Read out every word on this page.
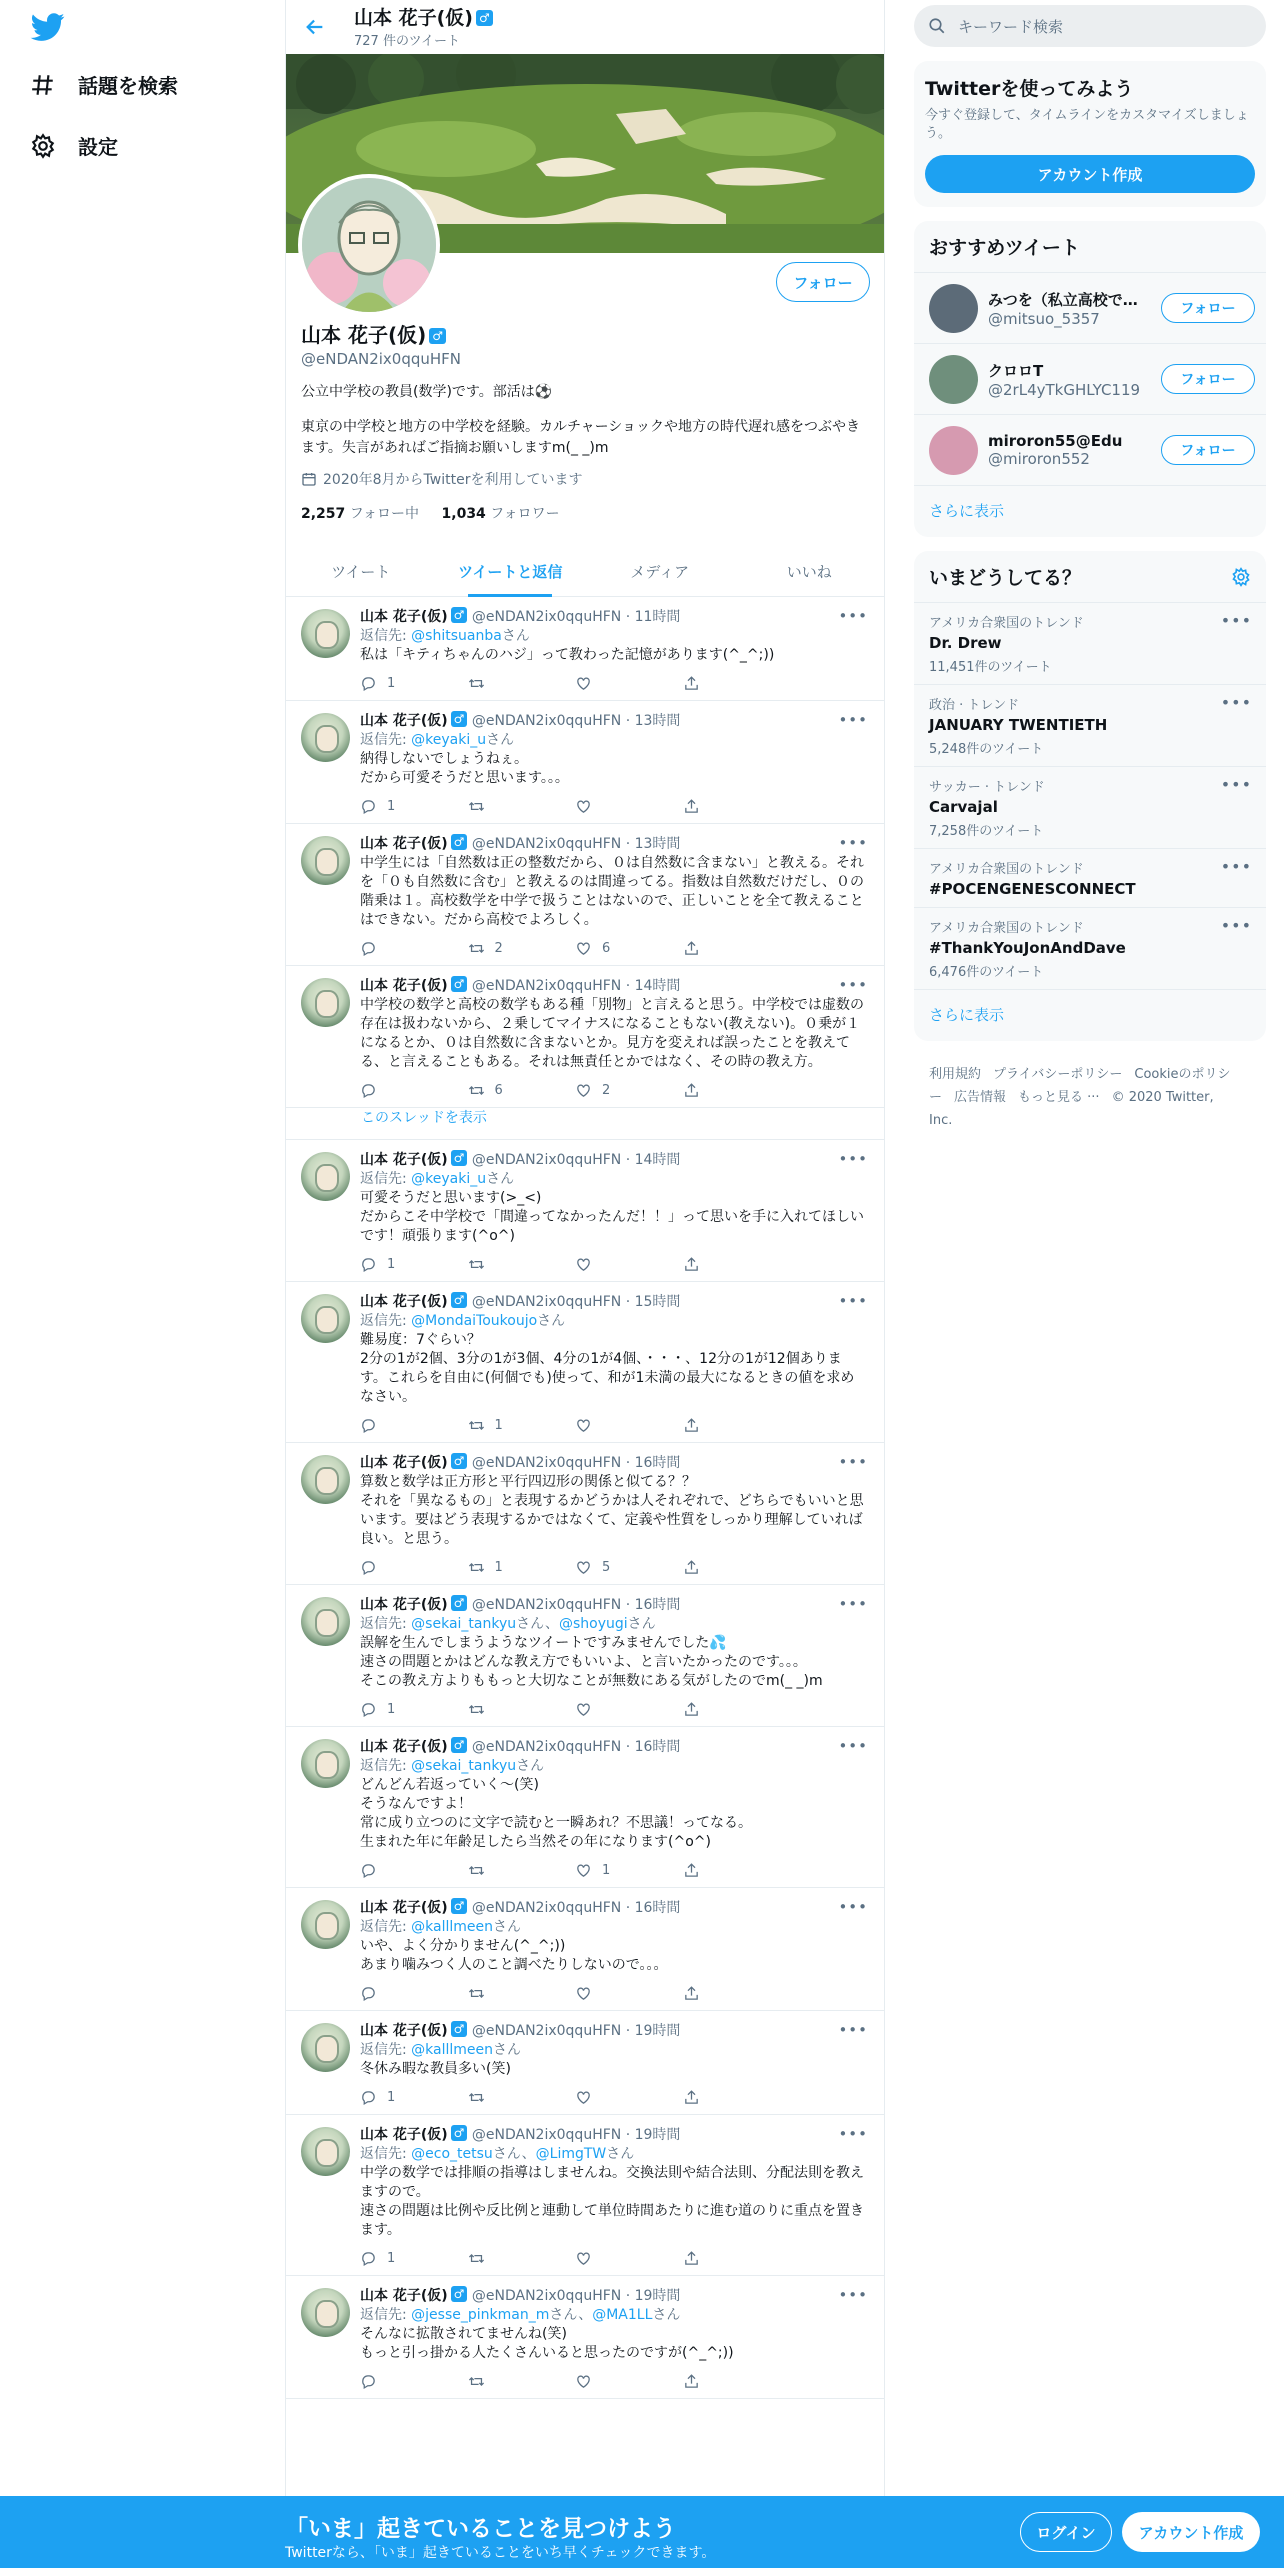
話題を検索
設定
山本 花子(仮) ♂
727 件のツイート
フォロー
山本 花子(仮) ♂
@eNDAN2ix0qquHFN
公立中学校の教員(数学)です。部活は⚽
東京の中学校と地方の中学校を経験。カルチャーショックや地方の時代遅れ感をつぶやきます。失言があればご指摘お願いしますm(_ _)m
2020年8月からTwitterを利用しています
2,257 フォロー中 1,034 フォロワー
ツイート	ツイートと返信	メディア	いいね
山本 花子(仮) ♂ @eNDAN2ix0qquHFN · 11時間
返信先: @shitsuanbaさん
私は「キティちゃんのハジ」って教わった記憶があります(^_^;))
1
•••
山本 花子(仮) ♂ @eNDAN2ix0qquHFN · 13時間
返信先: @keyaki_uさん
納得しないでしょうねぇ。
だから可愛そうだと思います。。。
1
•••
山本 花子(仮) ♂ @eNDAN2ix0qquHFN · 13時間
中学生には「自然数は正の整数だから、０は自然数に含まない」と教える。それを「０も自然数に含む」と教えるのは間違ってる。指数は自然数だけだし、０の階乗は１。高校数学を中学で扱うことはないので、正しいことを全て教えることはできない。だから高校でよろしく。
2	6
•••
山本 花子(仮) ♂ @eNDAN2ix0qquHFN · 14時間
中学校の数学と高校の数学もある種「別物」と言えると思う。中学校では虚数の存在は扱わないから、２乗してマイナスになることもない(教えない)。０乗が１になるとか、０は自然数に含まないとか。見方を変えれば誤ったことを教えてる、と言えることもある。それは無責任とかではなく、その時の教え方。
6	2
•••
このスレッドを表示
山本 花子(仮) ♂ @eNDAN2ix0qquHFN · 14時間
返信先: @keyaki_uさん
可愛そうだと思います(>_<)
だからこそ中学校で「間違ってなかったんだ！！」って思いを手に入れてほしいです！頑張ります(^o^)
1
•••
山本 花子(仮) ♂ @eNDAN2ix0qquHFN · 15時間
返信先: @MondaiToukoujoさん
難易度：7ぐらい？
2分の1が2個、3分の1が3個、4分の1が4個、・・・、12分の1が12個あります。これらを自由に(何個でも)使って、和が1未満の最大になるときの値を求めなさい。
1
•••
山本 花子(仮) ♂ @eNDAN2ix0qquHFN · 16時間
算数と数学は正方形と平行四辺形の関係と似てる？？
それを「異なるもの」と表現するかどうかは人それぞれで、どちらでもいいと思います。要はどう表現するかではなくて、定義や性質をしっかり理解していれば良い。と思う。
1	5
•••
山本 花子(仮) ♂ @eNDAN2ix0qquHFN · 16時間
返信先: @sekai_tankyuさん、@shoyugiさん
誤解を生んでしまうようなツイートですみませんでした💦
速さの問題とかはどんな教え方でもいいよ、と言いたかったのです。。。
そこの教え方よりももっと大切なことが無数にある気がしたのでm(_ _)m
1
•••
山本 花子(仮) ♂ @eNDAN2ix0qquHFN · 16時間
返信先: @sekai_tankyuさん
どんどん若返っていく～(笑)
そうなんですよ！
常に成り立つのに文字で読むと一瞬あれ？不思議！ってなる。
生まれた年に年齢足したら当然その年になります(^o^)
1
•••
山本 花子(仮) ♂ @eNDAN2ix0qquHFN · 16時間
返信先: @kalllmeenさん
いや、よく分かりません(^_^;))
あまり噛みつく人のこと調べたりしないので。。。
•••
山本 花子(仮) ♂ @eNDAN2ix0qquHFN · 19時間
返信先: @kalllmeenさん
冬休み暇な教員多い(笑)
1
•••
山本 花子(仮) ♂ @eNDAN2ix0qquHFN · 19時間
返信先: @eco_tetsuさん、@LimgTWさん
中学の数学では排順の指導はしませんね。交換法則や結合法則、分配法則を教えますので。
速さの問題は比例や反比例と連動して単位時間あたりに進む道のりに重点を置きます。
1
•••
山本 花子(仮) ♂ @eNDAN2ix0qquHFN · 19時間
返信先: @jesse_pinkman_mさん、@MA1LLさん
そんなに拡散されてませんね(笑)
もっと引っ掛かる人たくさんいると思ったのですが(^_^;))
•••
キーワード検索
Twitterを使ってみよう

今すぐ登録して、タイムラインをカスタマイズしましょう。

アカウント作成
おすすめツイート
みつを（私立高校で…
@mitsuo_5357
フォロー
クロロT
@2rL4yTkGHLYC119
フォロー
miroron55@Edu
@miroron552	フォロー
さらに表示
いまどうしてる？
アメリカ合衆国のトレンド
Dr. Drew
11,451件のツイート
•••
政治 · トレンド
JANUARY TWENTIETH
5,248件のツイート
•••
サッカー · トレンド
Carvajal
7,258件のツイート
•••
アメリカ合衆国のトレンド
#POCENGENESCONNECT
•••
アメリカ合衆国のトレンド
#ThankYouJonAndDave
6,476件のツイート
•••
さらに表示
利用規約 プライバシーポリシー Cookieのポリシー 広告情報 もっと見る ··· © 2020 Twitter, Inc.
「いま」起きていることを見つけよう
Twitterなら、「いま」起きていることをいち早くチェックできます。
ログイン	アカウント作成
